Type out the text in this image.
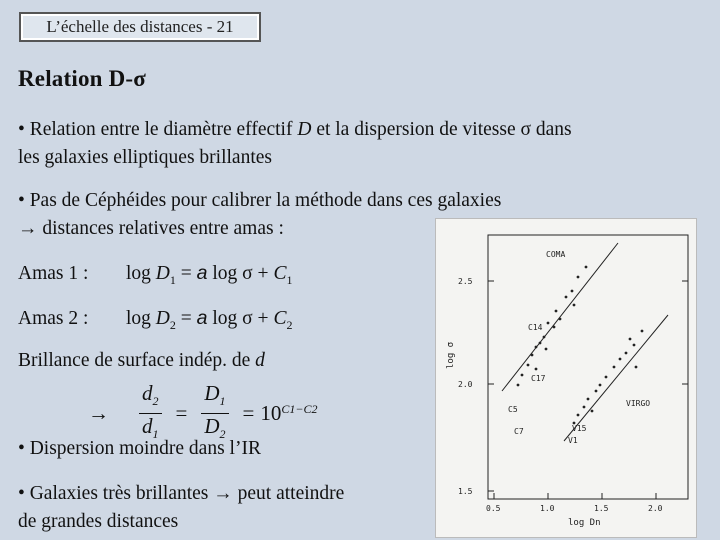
L’échelle des distances - 21
Relation D-σ
• Relation entre le diamètre effectif D et la dispersion de vitesse σ dans
les galaxies elliptiques brillantes
• Pas de Céphéides pour calibrer la méthode dans ces galaxies
→ distances relatives entre amas :
Amas 1 : $\log D_1 = a$ $\log \sigma + C_1$
Amas 2 : $\log D_2 = a$ $\log \sigma + C_2$
Brillance de surface indép. de d
→ $\frac{d_2}{d_1} = \frac{D_1}{D_2} = 10^{C1-C2}$
• Dispersion moindre dans l’IR
• Galaxies très brillantes → peut atteindre
de grandes distances
2.5
2.0
1.5
0.5	1.0	1.5	2.0
log σ
log Dn
COMA
VIRGO
C14
C17
C5
C7	V15
V1
